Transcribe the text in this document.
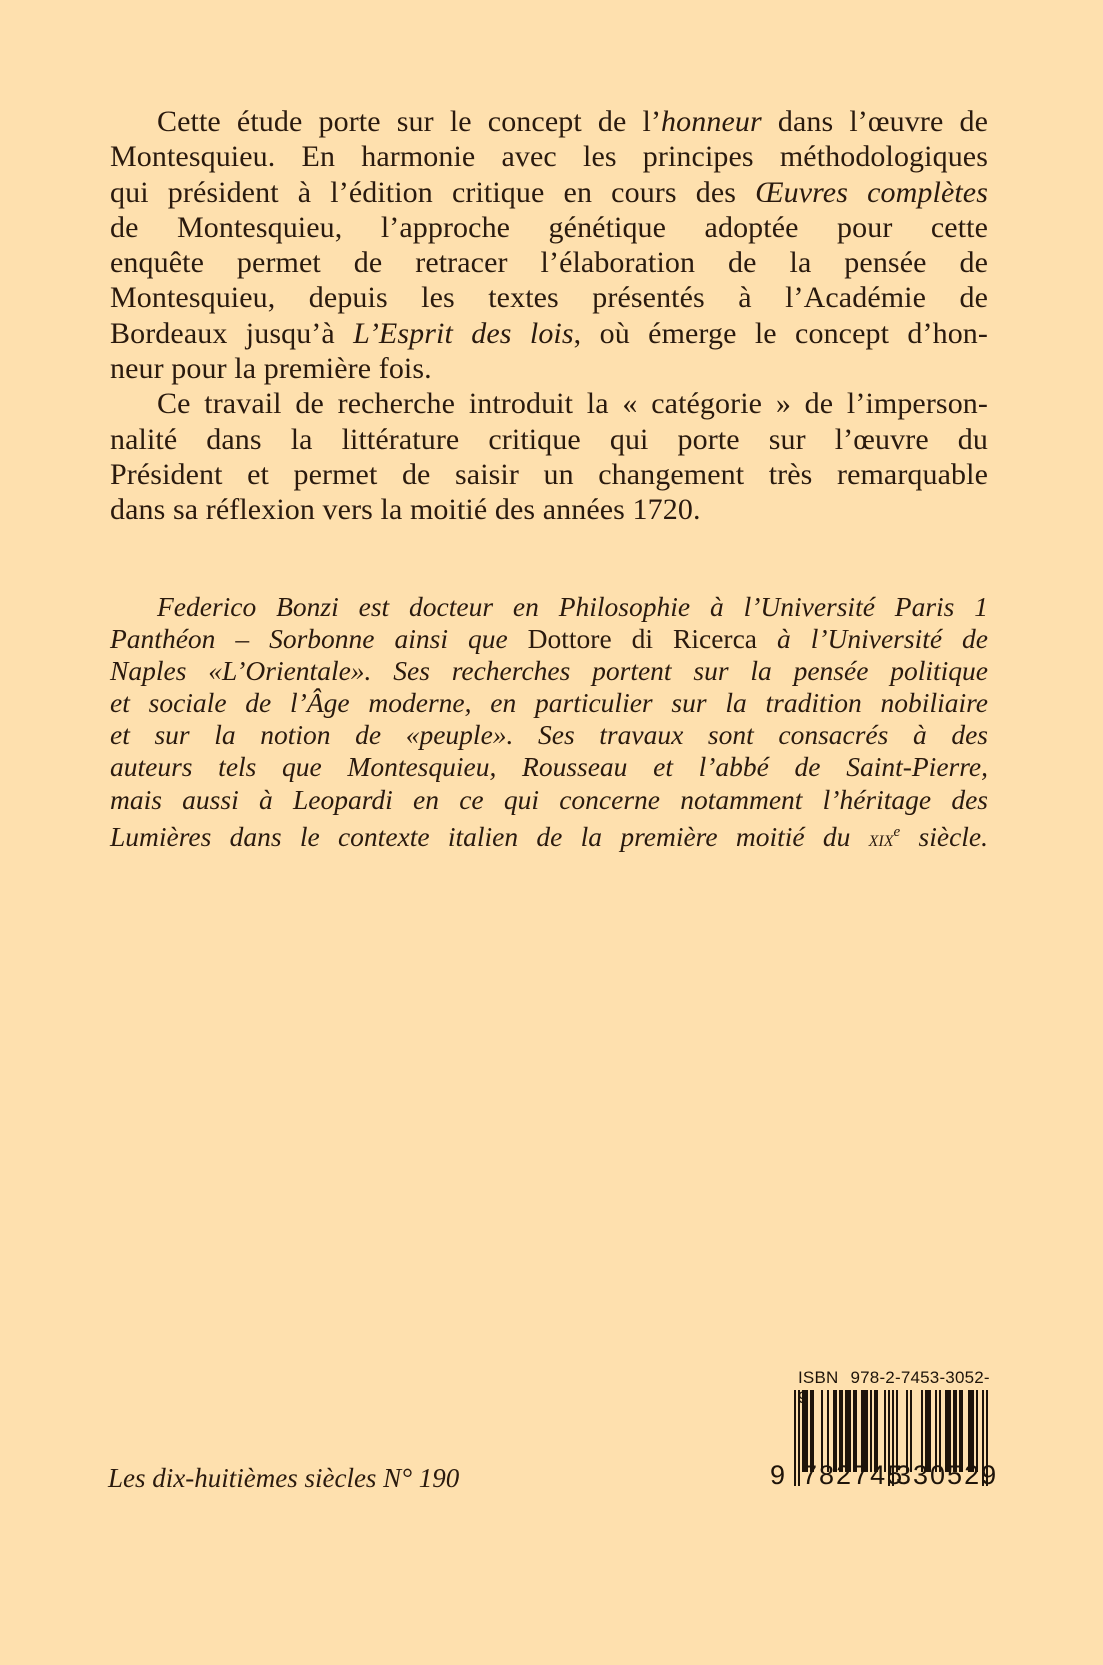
Cette étude porte sur le concept de l’honneur dans l’œuvre de
Montesquieu. En harmonie avec les principes méthodologiques
qui président à l’édition critique en cours des Œuvres complètes
de Montesquieu, l’approche génétique adoptée pour cette
enquête permet de retracer l’élaboration de la pensée de
Montesquieu, depuis les textes présentés à l’Académie de
Bordeaux jusqu’à L’Esprit des lois, où émerge le concept d’hon-
neur pour la première fois.
Ce travail de recherche introduit la « catégorie » de l’imperson-
nalité dans la littérature critique qui porte sur l’œuvre du
Président et permet de saisir un changement très remarquable
dans sa réflexion vers la moitié des années 1720.
Federico Bonzi est docteur en Philosophie à l’Université Paris 1
Panthéon – Sorbonne ainsi que Dottore di Ricerca à l’Université de
Naples «L’Orientale». Ses recherches portent sur la pensée politique
et sociale de l’Âge moderne, en particulier sur la tradition nobiliaire
et sur la notion de «peuple». Ses travaux sont consacrés à des
auteurs tels que Montesquieu, Rousseau et l’abbé de Saint-Pierre,
mais aussi à Leopardi en ce qui concerne notamment l’héritage des
Lumières dans le contexte italien de la première moitié du xix$^e$ siècle.
Les dix-huitièmes siècles N° 190
ISBN 978-2-7453-3052-
9 782745
330529
